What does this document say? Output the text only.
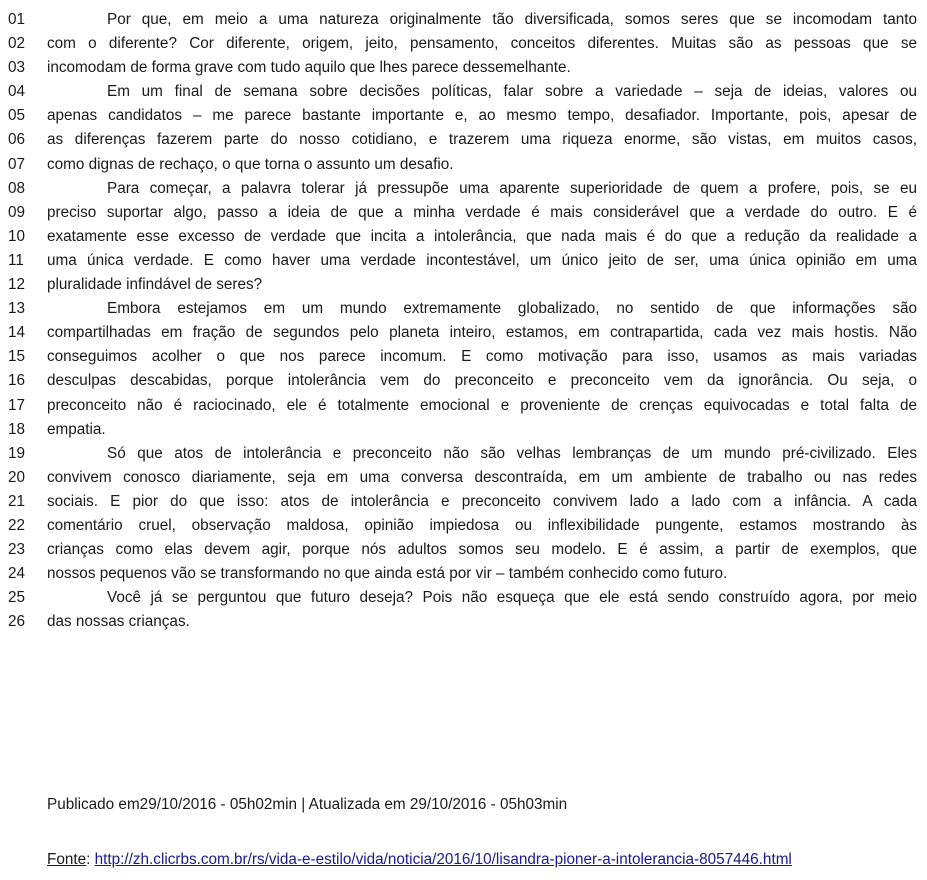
01	Por que, em meio a uma natureza originalmente tão diversificada, somos seres que se incomodam tanto
02	com o diferente? Cor diferente, origem, jeito, pensamento, conceitos diferentes. Muitas são as pessoas que se
03	incomodam de forma grave com tudo aquilo que lhes parece dessemelhante.
04	Em um final de semana sobre decisões políticas, falar sobre a variedade – seja de ideias, valores ou
05	apenas candidatos – me parece bastante importante e, ao mesmo tempo, desafiador. Importante, pois, apesar de
06	as diferenças fazerem parte do nosso cotidiano, e trazerem uma riqueza enorme, são vistas, em muitos casos,
07	como dignas de rechaço, o que torna o assunto um desafio.
08	Para começar, a palavra tolerar já pressupõe uma aparente superioridade de quem a profere, pois, se eu
09	preciso suportar algo, passo a ideia de que a minha verdade é mais considerável que a verdade do outro. E é
10	exatamente esse excesso de verdade que incita a intolerância, que nada mais é do que a redução da realidade a
11	uma única verdade. E como haver uma verdade incontestável, um único jeito de ser, uma única opinião em uma
12	pluralidade infindável de seres?
13	Embora estejamos em um mundo extremamente globalizado, no sentido de que informações são
14	compartilhadas em fração de segundos pelo planeta inteiro, estamos, em contrapartida, cada vez mais hostis. Não
15	conseguimos acolher o que nos parece incomum. E como motivação para isso, usamos as mais variadas
16	desculpas descabidas, porque intolerância vem do preconceito e preconceito vem da ignorância. Ou seja, o
17	preconceito não é raciocinado, ele é totalmente emocional e proveniente de crenças equivocadas e total falta de
18	empatia.
19	Só que atos de intolerância e preconceito não são velhas lembranças de um mundo pré-civilizado. Eles
20	convivem conosco diariamente, seja em uma conversa descontraída, em um ambiente de trabalho ou nas redes
21	sociais. E pior do que isso: atos de intolerância e preconceito convivem lado a lado com a infância. A cada
22	comentário cruel, observação maldosa, opinião impiedosa ou inflexibilidade pungente, estamos mostrando às
23	crianças como elas devem agir, porque nós adultos somos seu modelo. E é assim, a partir de exemplos, que
24	nossos pequenos vão se transformando no que ainda está por vir – também conhecido como futuro.
25	Você já se perguntou que futuro deseja? Pois não esqueça que ele está sendo construído agora, por meio
26	das nossas crianças.
Publicado em29/10/2016 - 05h02min | Atualizada em 29/10/2016 - 05h03min
Fonte: http://zh.clicrbs.com.br/rs/vida-e-estilo/vida/noticia/2016/10/lisandra-pioner-a-intolerancia-8057446.html
